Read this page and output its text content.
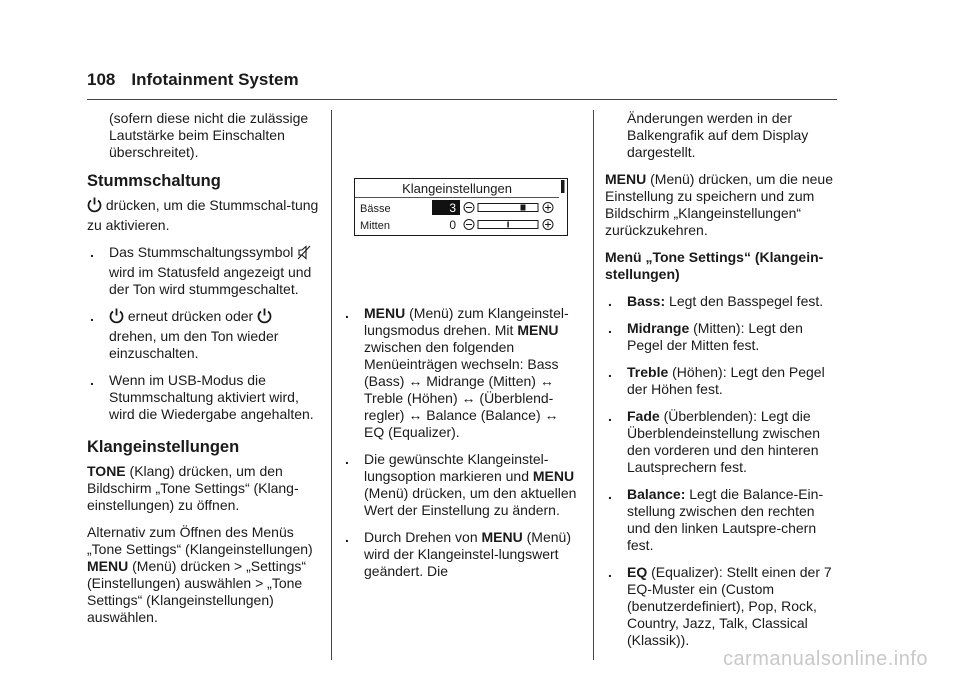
108 Infotainment System

(sofern diese nicht die zulässige Lautstärke beim Einschalten überschreitet).

Stummschaltung

drücken, um die Stummschal-tung zu aktivieren.

. Das Stummschaltungssymbol  wird im Statusfeld angezeigt und der Ton wird stummgeschaltet.
. erneut drücken oder  drehen, um den Ton wieder einzuschalten.
. Wenn im USB-Modus die Stummschaltung aktiviert wird, wird die Wiedergabe angehalten.
Klangeinstellungen

TONE (Klang) drücken, um den Bildschirm „Tone Settings“ (Klang-einstellungen) zu öffnen.

Alternativ zum Öffnen des Menüs „Tone Settings“ (Klangeinstellungen) MENU (Menü) drücken > „Settings“ (Einstellungen) auswählen > „Tone Settings“ (Klangeinstellungen) auswählen.

Klangeinstellungen
Bässe
Mitten
3
0
. MENU (Menü) zum Klangeinstel-lungsmodus drehen. Mit MENU zwischen den folgenden Menüeinträgen wechseln: Bass (Bass) ↔ Midrange (Mitten) ↔ Treble (Höhen) ↔ (Überblend-regler) ↔ Balance (Balance) ↔ EQ (Equalizer).
. Die gewünschte Klangeinstel-lungsoption markieren und MENU (Menü) drücken, um den aktuellen Wert der Einstellung zu ändern.
. Durch Drehen von MENU (Menü) wird der Klangeinstel-lungswert geändert. Die

Änderungen werden in der Balkengrafik auf dem Display dargestellt.

MENU (Menü) drücken, um die neue Einstellung zu speichern und zum Bildschirm „Klangeinstellungen“ zurückzukehren.

Menü „Tone Settings“ (Klangein-stellungen)

. Bass: Legt den Basspegel fest.
. Midrange (Mitten): Legt den Pegel der Mitten fest.
. Treble (Höhen): Legt den Pegel der Höhen fest.
. Fade (Überblenden): Legt die Überblendeinstellung zwischen den vorderen und den hinteren Lautsprechern fest.
. Balance: Legt die Balance-Ein-stellung zwischen den rechten und den linken Lautspre-chern fest.
. EQ (Equalizer): Stellt einen der 7 EQ-Muster ein (Custom (benutzerdefiniert), Pop, Rock, Country, Jazz, Talk, Classical (Klassik)).
carmanualsonline.info
